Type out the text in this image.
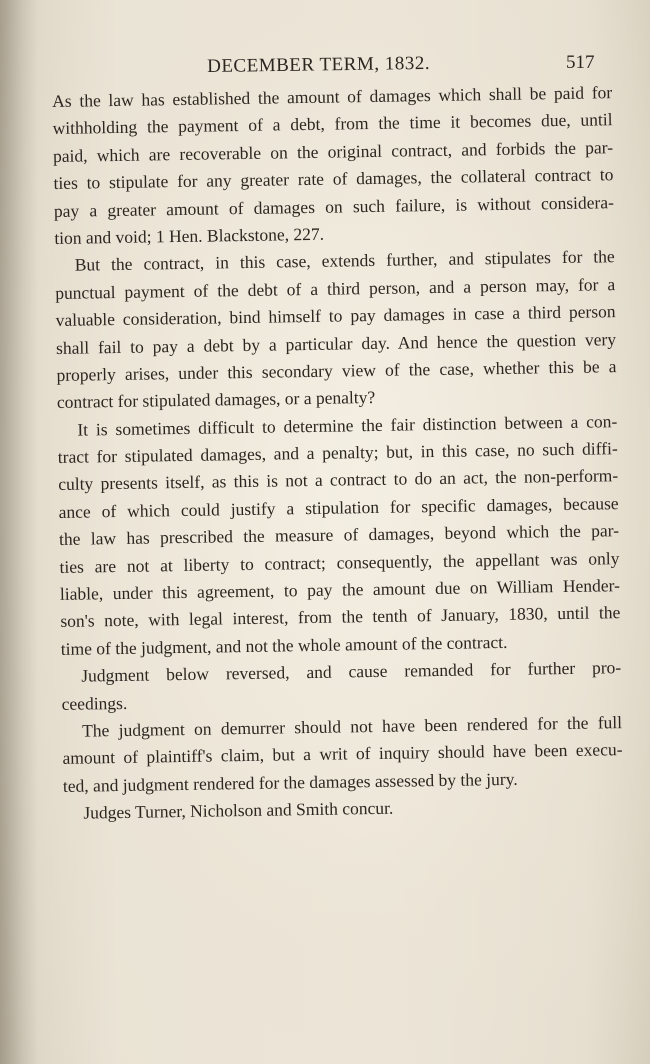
DECEMBER TERM, 1832.	517
As the law has established the amount of damages which shall be paid for
withholding the payment of a debt, from the time it becomes due, until
paid, which are recoverable on the original contract, and forbids the par-
ties to stipulate for any greater rate of damages, the collateral contract to
pay a greater amount of damages on such failure, is without considera-
tion and void; 1 Hen. Blackstone, 227.
But the contract, in this case, extends further, and stipulates for the
punctual payment of the debt of a third person, and a person may, for a
valuable consideration, bind himself to pay damages in case a third person
shall fail to pay a debt by a particular day. And hence the question very
properly arises, under this secondary view of the case, whether this be a
contract for stipulated damages, or a penalty?
It is sometimes difficult to determine the fair distinction between a con-
tract for stipulated damages, and a penalty; but, in this case, no such diffi-
culty presents itself, as this is not a contract to do an act, the non-perform-
ance of which could justify a stipulation for specific damages, because
the law has prescribed the measure of damages, beyond which the par-
ties are not at liberty to contract; consequently, the appellant was only
liable, under this agreement, to pay the amount due on William Hender-
son's note, with legal interest, from the tenth of January, 1830, until the
time of the judgment, and not the whole amount of the contract.
Judgment below reversed, and cause remanded for further pro-
ceedings.
The judgment on demurrer should not have been rendered for the full
amount of plaintiff's claim, but a writ of inquiry should have been execu-
ted, and judgment rendered for the damages assessed by the jury.
Judges Turner, Nicholson and Smith concur.
